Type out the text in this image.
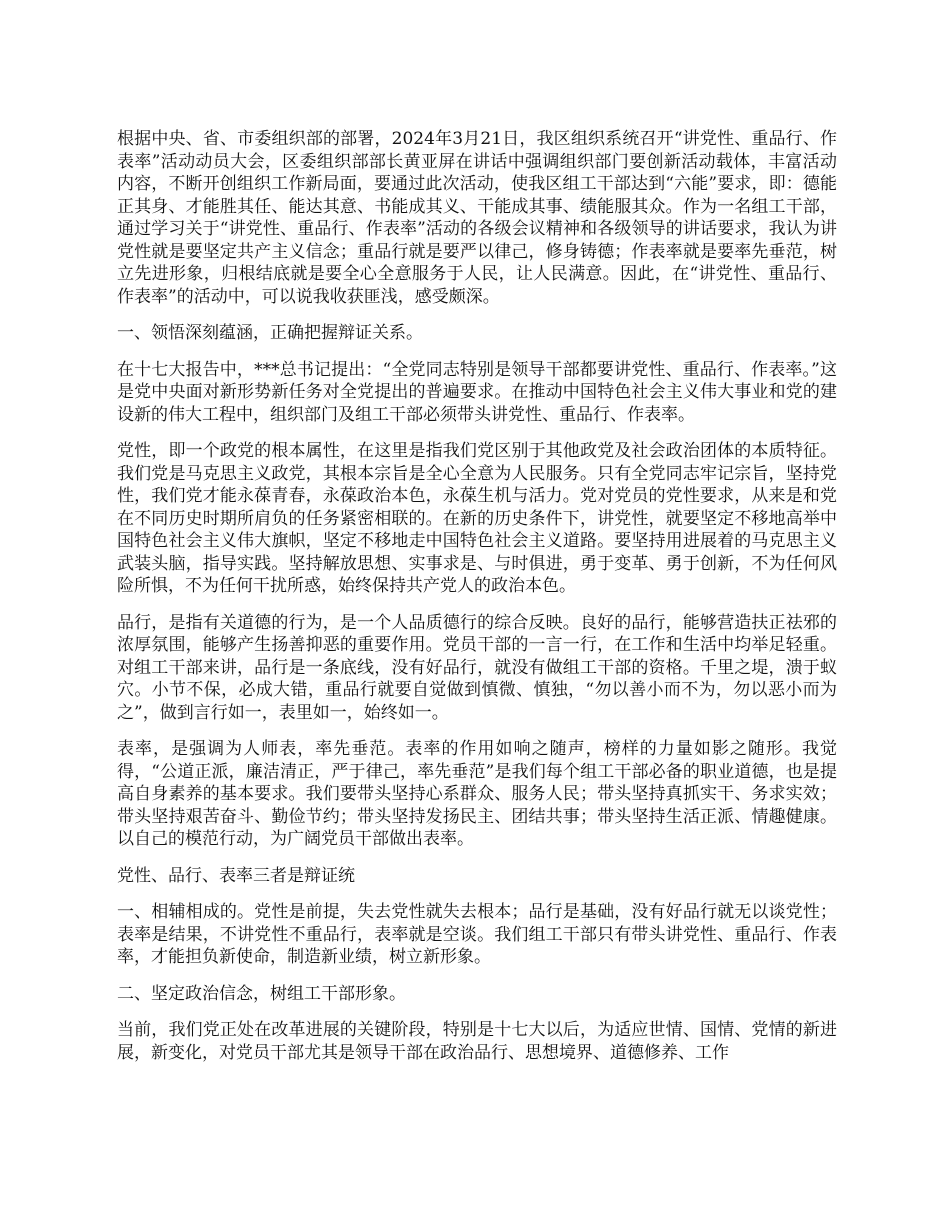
根据中央、省、市委组织部的部署，2024年3月21日，我区组织系统召开“讲党性、重品行、作表率”活动动员大会，区委组织部部长黄亚屏在讲话中强调组织部门要创新活动载体，丰富活动内容，不断开创组织工作新局面，要通过此次活动，使我区组工干部达到“六能”要求，即：德能正其身、才能胜其任、能达其意、书能成其义、干能成其事、绩能服其众。作为一名组工干部，通过学习关于“讲党性、重品行、作表率”活动的各级会议精神和各级领导的讲话要求，我认为讲党性就是要坚定共产主义信念；重品行就是要严以律己，修身铸德；作表率就是要率先垂范，树立先进形象，归根结底就是要全心全意服务于人民，让人民满意。因此，在“讲党性、重品行、作表率”的活动中，可以说我收获匪浅，感受颇深。

一、领悟深刻蕴涵，正确把握辩证关系。

在十七大报告中，***总书记提出：“全党同志特别是领导干部都要讲党性、重品行、作表率。”这是党中央面对新形势新任务对全党提出的普遍要求。在推动中国特色社会主义伟大事业和党的建设新的伟大工程中，组织部门及组工干部必须带头讲党性、重品行、作表率。

党性，即一个政党的根本属性，在这里是指我们党区别于其他政党及社会政治团体的本质特征。我们党是马克思主义政党，其根本宗旨是全心全意为人民服务。只有全党同志牢记宗旨，坚持党性，我们党才能永葆青春，永葆政治本色，永葆生机与活力。党对党员的党性要求，从来是和党在不同历史时期所肩负的任务紧密相联的。在新的历史条件下，讲党性，就要坚定不移地高举中国特色社会主义伟大旗帜，坚定不移地走中国特色社会主义道路。要坚持用进展着的马克思主义武装头脑，指导实践。坚持解放思想、实事求是、与时俱进，勇于变革、勇于创新，不为任何风险所惧，不为任何干扰所惑，始终保持共产党人的政治本色。

品行，是指有关道德的行为，是一个人品质德行的综合反映。良好的品行，能够营造扶正祛邪的浓厚氛围，能够产生扬善抑恶的重要作用。党员干部的一言一行，在工作和生活中均举足轻重。对组工干部来讲，品行是一条底线，没有好品行，就没有做组工干部的资格。千里之堤，溃于蚁穴。小节不保，必成大错，重品行就要自觉做到慎微、慎独，“勿以善小而不为，勿以恶小而为之”，做到言行如一，表里如一，始终如一。

表率，是强调为人师表，率先垂范。表率的作用如响之随声，榜样的力量如影之随形。我觉得，“公道正派，廉洁清正，严于律己，率先垂范”是我们每个组工干部必备的职业道德，也是提高自身素养的基本要求。我们要带头坚持心系群众、服务人民；带头坚持真抓实干、务求实效；带头坚持艰苦奋斗、勤俭节约；带头坚持发扬民主、团结共事；带头坚持生活正派、情趣健康。以自己的模范行动，为广阔党员干部做出表率。

党性、品行、表率三者是辩证统

一、相辅相成的。党性是前提，失去党性就失去根本；品行是基础，没有好品行就无以谈党性；表率是结果，不讲党性不重品行，表率就是空谈。我们组工干部只有带头讲党性、重品行、作表率，才能担负新使命，制造新业绩，树立新形象。

二、坚定政治信念，树组工干部形象。

当前，我们党正处在改革进展的关键阶段，特别是十七大以后，为适应世情、国情、党情的新进展，新变化，对党员干部尤其是领导干部在政治品行、思想境界、道德修养、工作
